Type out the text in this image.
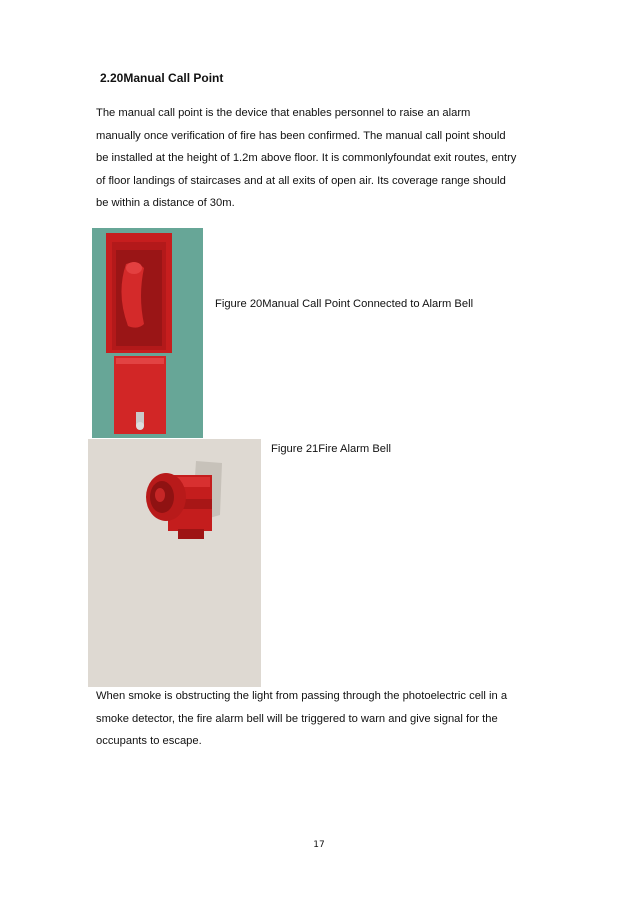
2.20Manual Call Point
The manual call point is the device that enables personnel to raise an alarm
manually once verification of fire has been confirmed. The manual call point should
be installed at the height of 1.2m above floor. It is commonlyfoundat exit routes, entry
of floor landings of staircases and at all exits of open air. Its coverage range should
be within a distance of 30m.
Figure 20Manual Call Point Connected to Alarm Bell
Figure 21Fire Alarm Bell
When smoke is obstructing the light from passing through the photoelectric cell in a
smoke detector, the fire alarm bell will be triggered to warn and give signal for the
occupants to escape.
17
